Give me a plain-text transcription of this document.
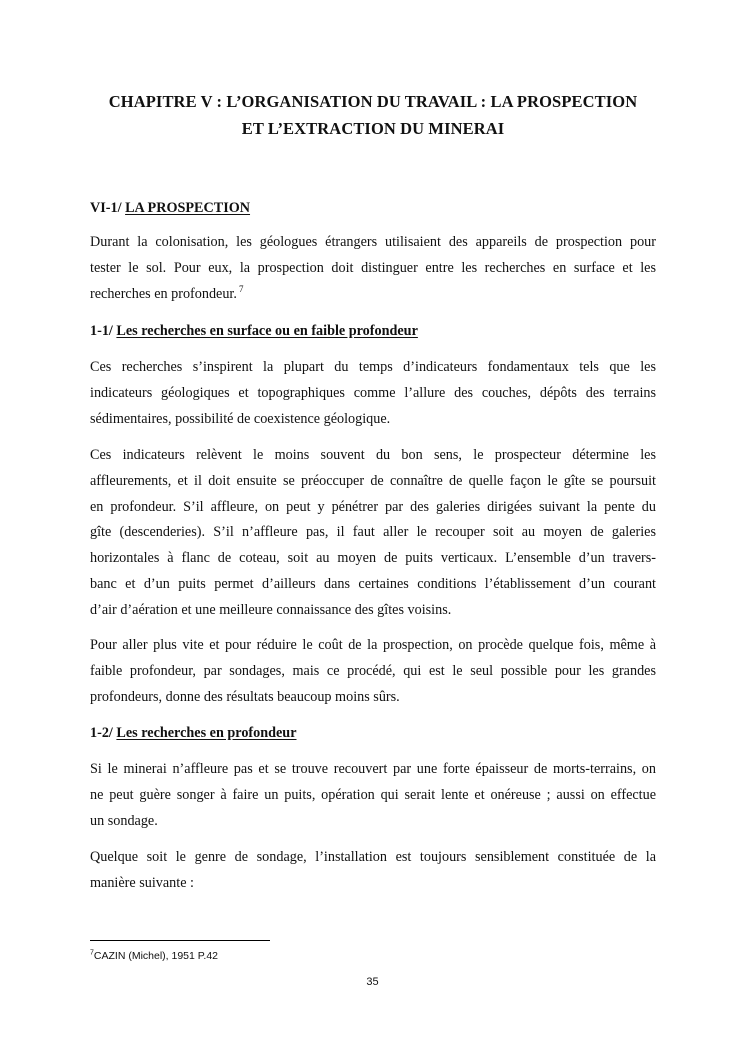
CHAPITRE V : L’ORGANISATION DU TRAVAIL : LA PROSPECTION
ET L’EXTRACTION DU MINERAI
VI-1/ LA PROSPECTION
Durant la colonisation, les géologues étrangers utilisaient des appareils de prospection pour
tester le sol. Pour eux, la prospection doit distinguer entre les recherches en surface et les
recherches en profondeur. $^7$
1-1/ Les recherches en surface ou en faible profondeur
Ces recherches s’inspirent la plupart du temps d’indicateurs fondamentaux tels que les
indicateurs géologiques et topographiques comme l’allure des couches, dépôts des terrains
sédimentaires, possibilité de coexistence géologique.
Ces indicateurs relèvent le moins souvent du bon sens, le prospecteur détermine les
affleurements, et il doit ensuite se préoccuper de connaître de quelle façon le gîte se poursuit
en profondeur. S’il affleure, on peut y pénétrer par des galeries dirigées suivant la pente du
gîte (descenderies). S’il n’affleure pas, il faut aller le recouper soit au moyen de galeries
horizontales à flanc de coteau, soit au moyen de puits verticaux. L’ensemble d’un travers-
banc et d’un puits permet d’ailleurs dans certaines conditions l’établissement d’un courant
d’air d’aération et une meilleure connaissance des gîtes voisins.
Pour aller plus vite et pour réduire le coût de la prospection, on procède quelque fois, même à
faible profondeur, par sondages, mais ce procédé, qui est le seul possible pour les grandes
profondeurs, donne des résultats beaucoup moins sûrs.
1-2/ Les recherches en profondeur
Si le minerai n’affleure pas et se trouve recouvert par une forte épaisseur de morts-terrains, on
ne peut guère songer à faire un puits, opération qui serait lente et onéreuse ; aussi on effectue
un sondage.
Quelque soit le genre de sondage, l’installation est toujours sensiblement constituée de la
manière suivante :

$^7$CAZIN (Michel), 1951 P.42

35
